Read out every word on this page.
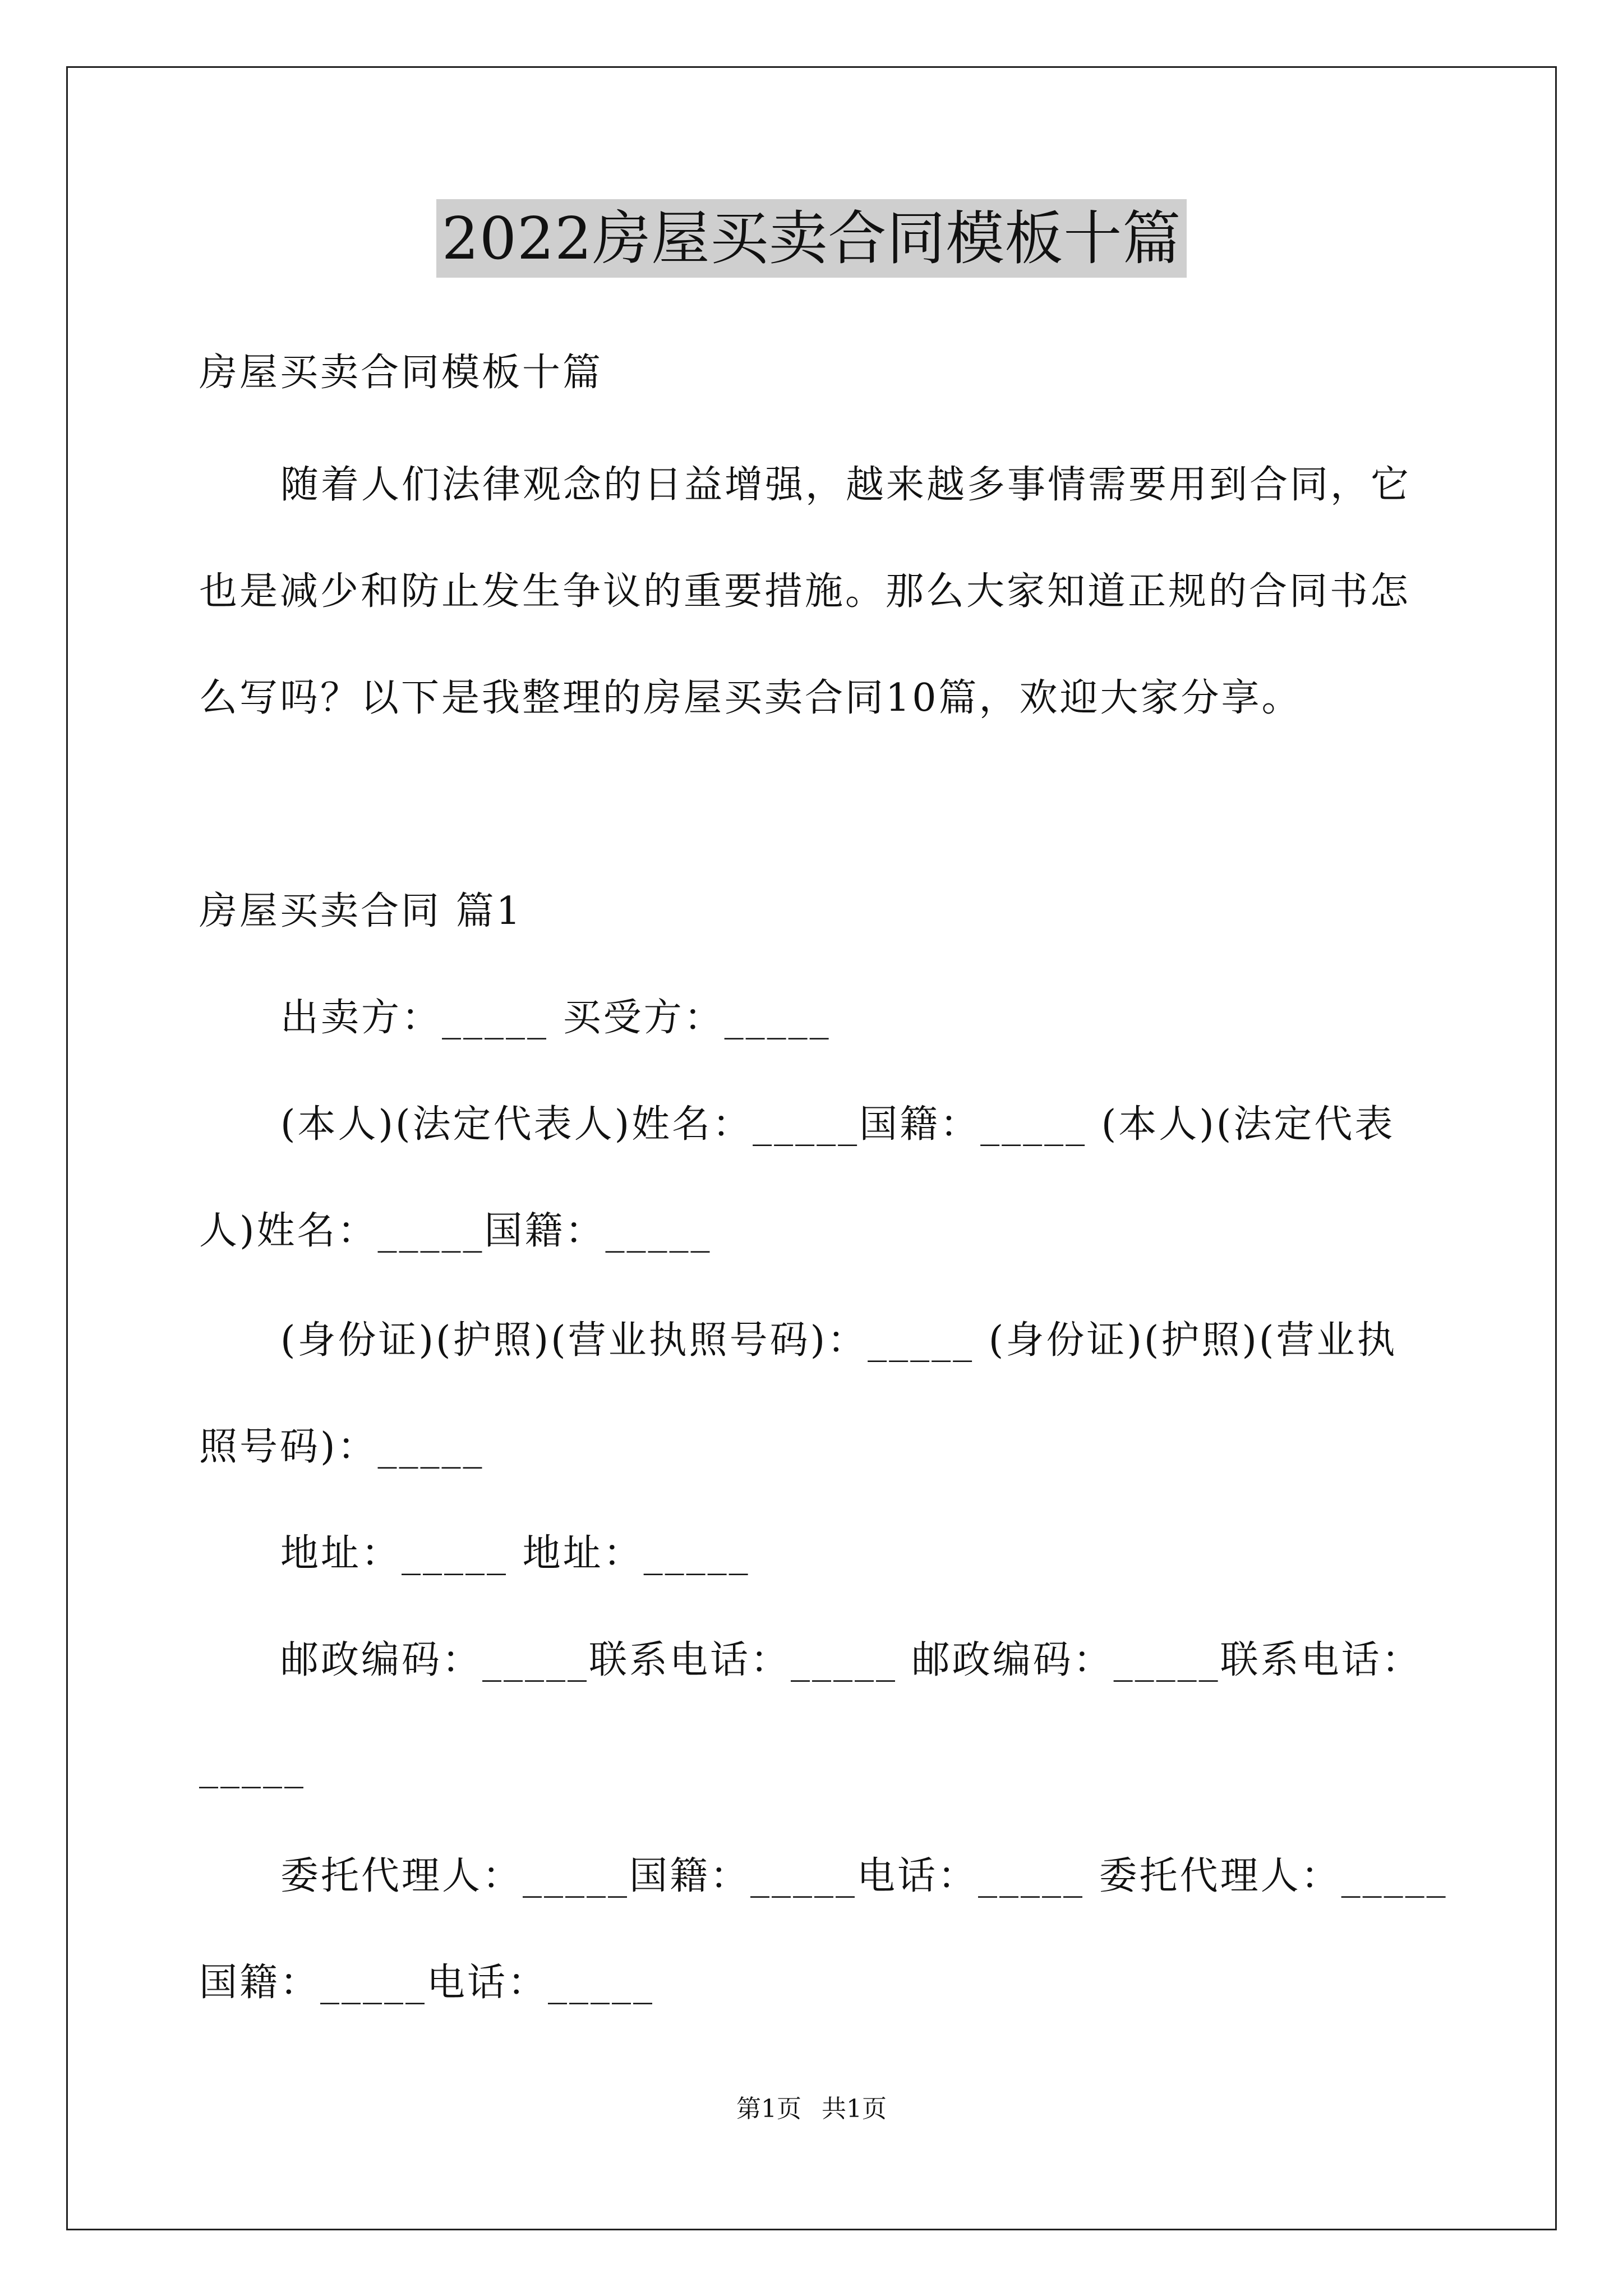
2022房屋买卖合同模板十篇

房屋买卖合同模板十篇

随着人们法律观念的日益增强，越来越多事情需要用到合同，它

也是减少和防止发生争议的重要措施。那么大家知道正规的合同书怎

么写吗？以下是我整理的房屋买卖合同10篇，欢迎大家分享。

房屋买卖合同 篇1

出卖方：_____ 买受方：_____

(本人)(法定代表人)姓名：_____国籍：_____ (本人)(法定代表

人)姓名：_____国籍：_____

(身份证)(护照)(营业执照号码)：_____ (身份证)(护照)(营业执

照号码)：_____

地址：_____ 地址：_____

邮政编码：_____联系电话：_____ 邮政编码：_____联系电话：

_____

委托代理人：_____国籍：_____电话：_____ 委托代理人：_____

国籍：_____电话：_____

第1页 共1页
